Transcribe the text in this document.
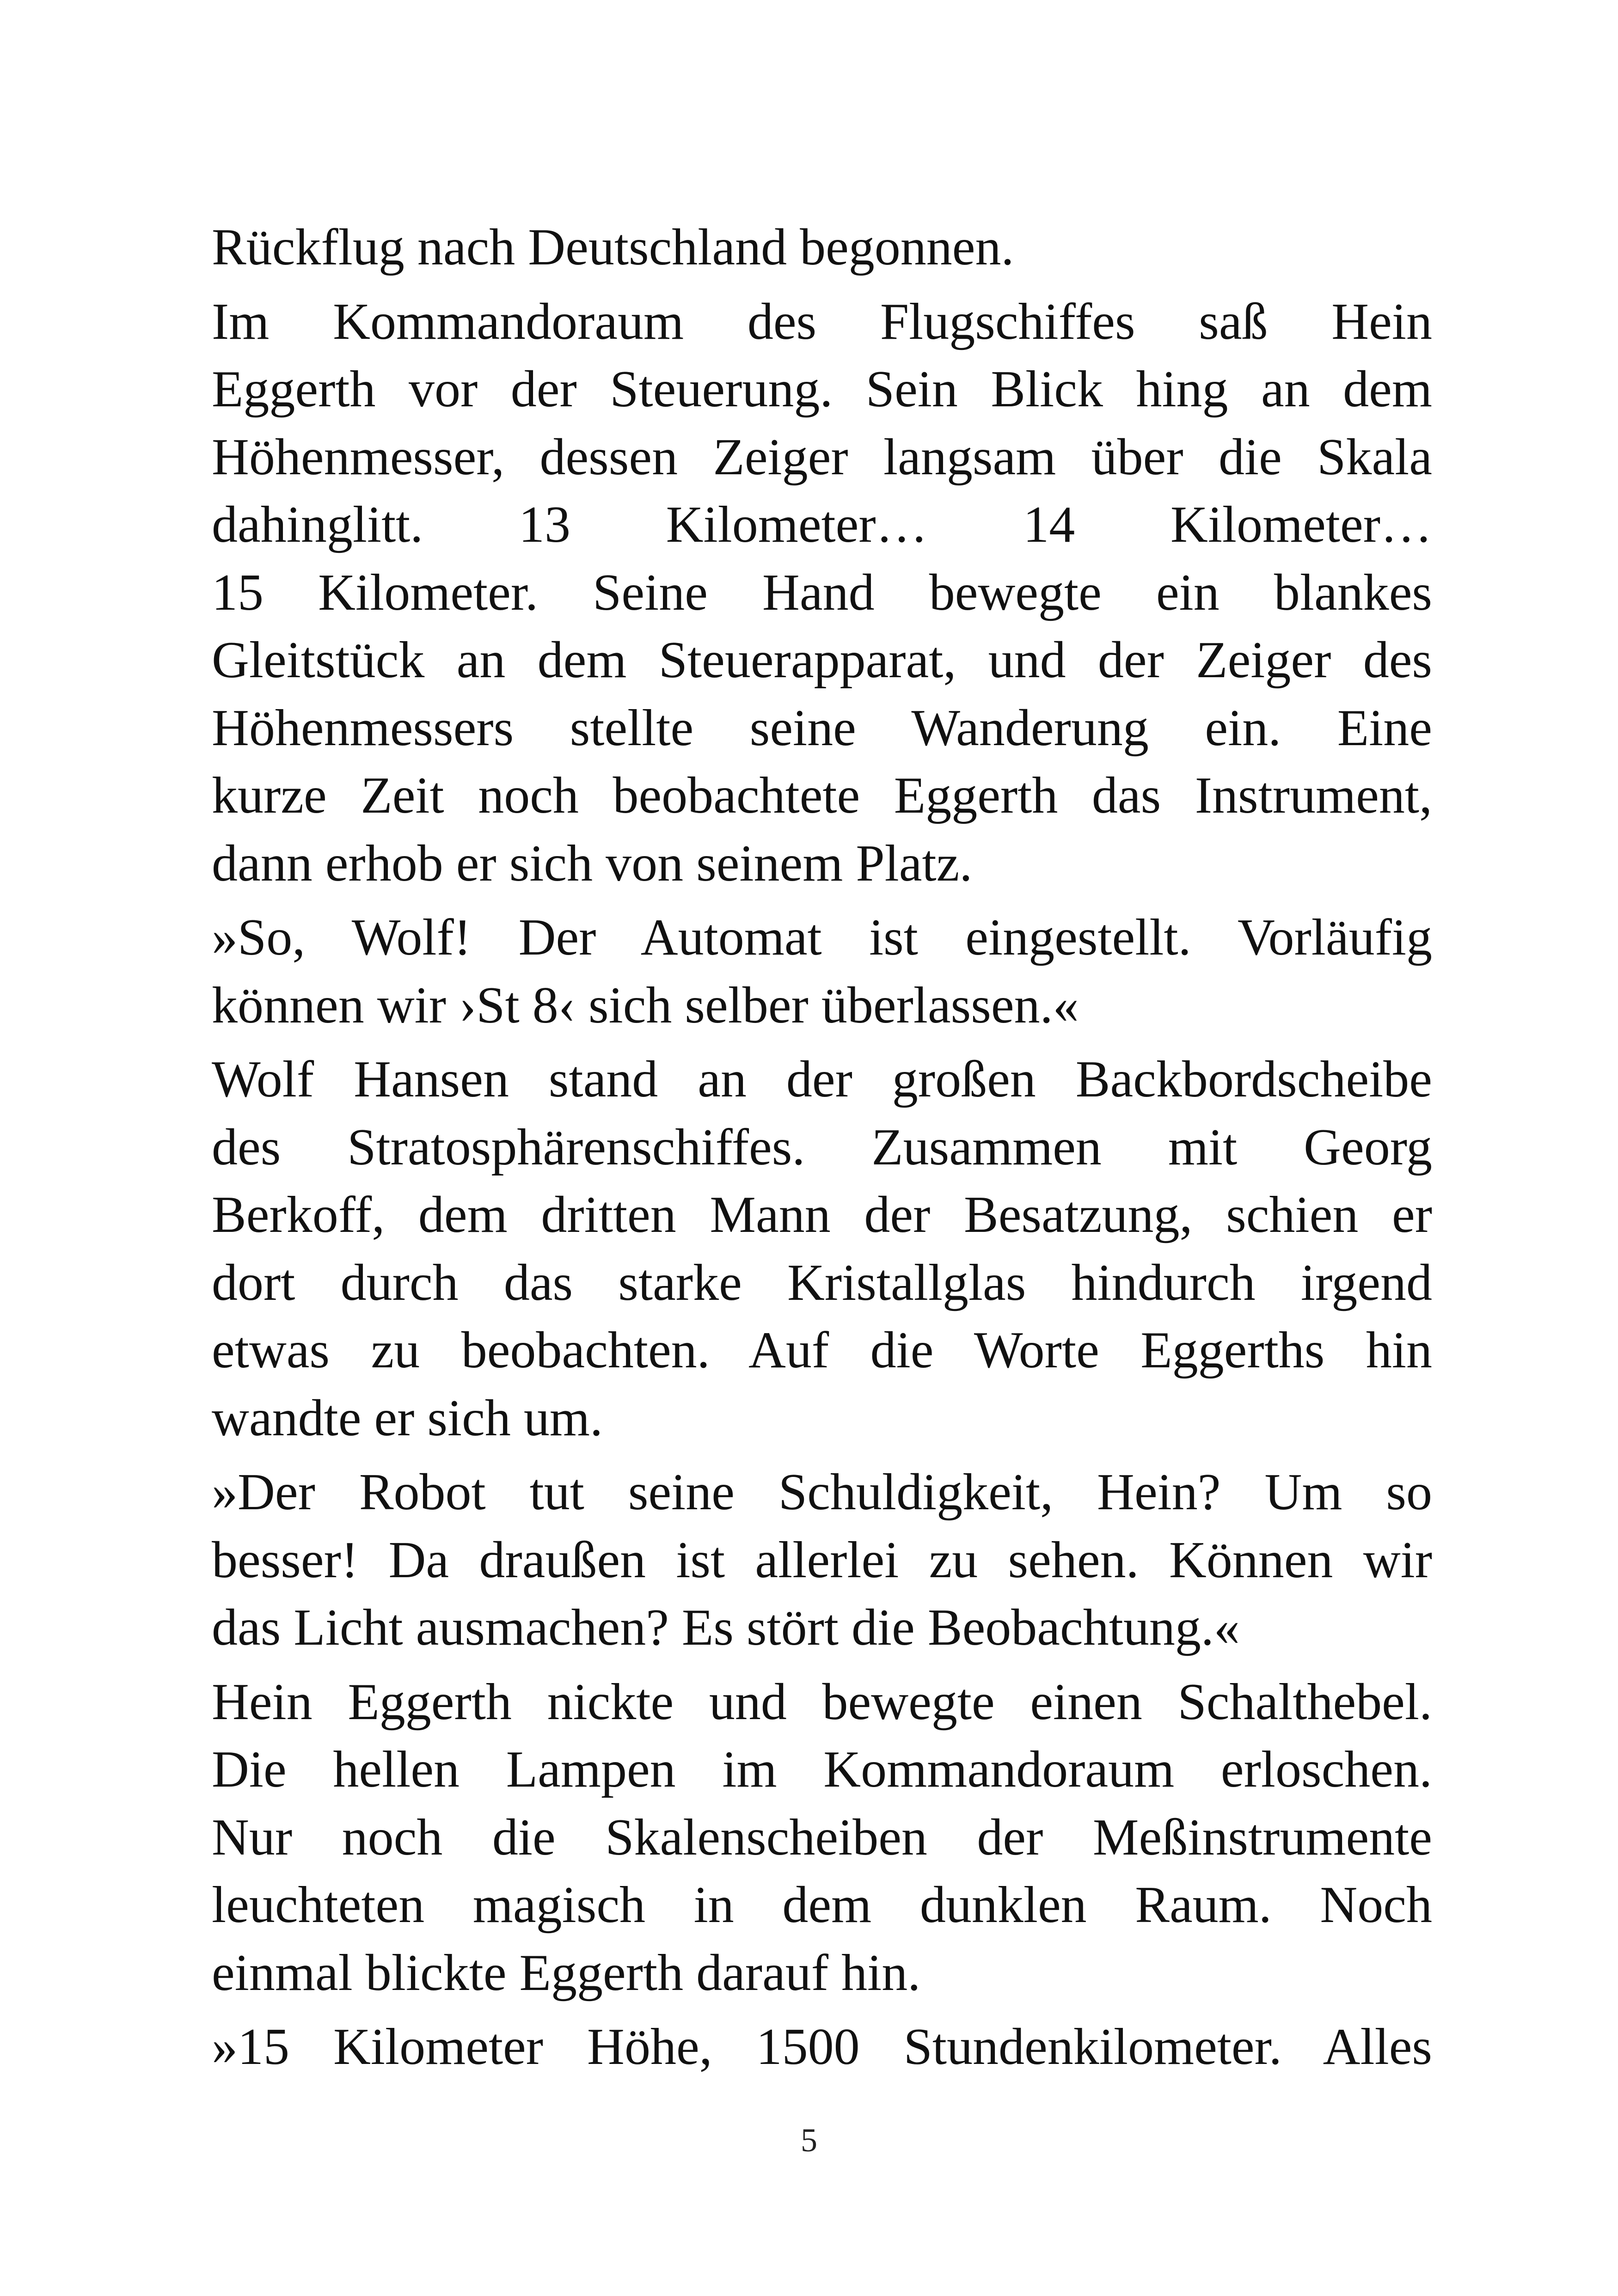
Rückflug nach Deutschland begonnen.
Im Kommandoraum des Flugschiffes saß Hein
Eggerth vor der Steuerung. Sein Blick hing an dem
Höhenmesser, dessen Zeiger langsam über die Skala
dahinglitt. 13 Kilometer… 14 Kilometer…
15 Kilometer. Seine Hand bewegte ein blankes
Gleitstück an dem Steuerapparat, und der Zeiger des
Höhenmessers stellte seine Wanderung ein. Eine
kurze Zeit noch beobachtete Eggerth das Instrument,
dann erhob er sich von seinem Platz.
»So, Wolf! Der Automat ist eingestellt. Vorläufig
können wir ›St 8‹ sich selber überlassen.«
Wolf Hansen stand an der großen Backbordscheibe
des Stratosphärenschiffes. Zusammen mit Georg
Berkoff, dem dritten Mann der Besatzung, schien er
dort durch das starke Kristallglas hindurch irgend
etwas zu beobachten. Auf die Worte Eggerths hin
wandte er sich um.
»Der Robot tut seine Schuldigkeit, Hein? Um so
besser! Da draußen ist allerlei zu sehen. Können wir
das Licht ausmachen? Es stört die Beobachtung.«
Hein Eggerth nickte und bewegte einen Schalthebel.
Die hellen Lampen im Kommandoraum erloschen.
Nur noch die Skalenscheiben der Meßinstrumente
leuchteten magisch in dem dunklen Raum. Noch
einmal blickte Eggerth darauf hin.
»15 Kilometer Höhe, 1500 Stundenkilometer. Alles
5
